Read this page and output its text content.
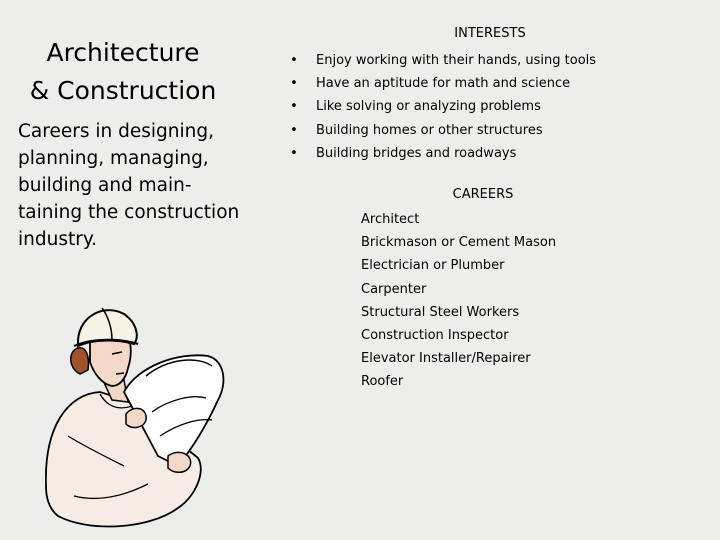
Architecture
& Construction
Careers in designing,
planning, managing,
building and main-
taining the construction
industry.
INTERESTS
• Enjoy working with their hands, using tools
• Have an aptitude for math and science
• Like solving or analyzing problems
• Building homes or other structures
• Building bridges and roadways
CAREERS
Architect
Brickmason or Cement Mason
Electrician or Plumber
Carpenter
Structural Steel Workers
Construction Inspector
Elevator Installer/Repairer
Roofer
